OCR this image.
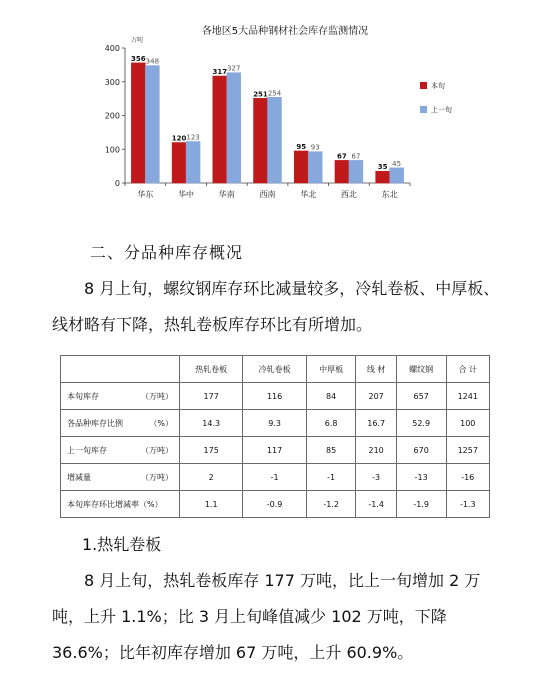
各地区5大品种钢材社会库存监测情况
万吨
0
100
200
300
400
356 348
华东
120 123
华中
317 327
华南
251 254
西南
95 93
华北
67 67
西北
35 45
东北
本旬
上一旬
二、分品种库存概况
8 月上旬，螺纹钢库存环比减量较多，冷轧卷板、中厚板、线材略有下降，热轧卷板库存环比有所增加。
	热轧卷板	冷轧卷板	中厚板	线 材	螺纹钢	合 计
本旬库存 （万吨）	177	116	84	207	657	1241
各品种库存比例 （%）	14.3	9.3	6.8	16.7	52.9	100
上一旬库存 （万吨）	175	117	85	210	670	1257
增减量 （万吨）	2	-1	-1	-3	-13	-16
本旬库存环比增减率（%）	1.1	-0.9	-1.2	-1.4	-1.9	-1.3
1.热轧卷板
8 月上旬，热轧卷板库存 177 万吨，比上一旬增加 2 万吨，上升 1.1%；比 3 月上旬峰值减少 102 万吨，下降 36.6%；比年初库存增加 67 万吨，上升 60.9%。
